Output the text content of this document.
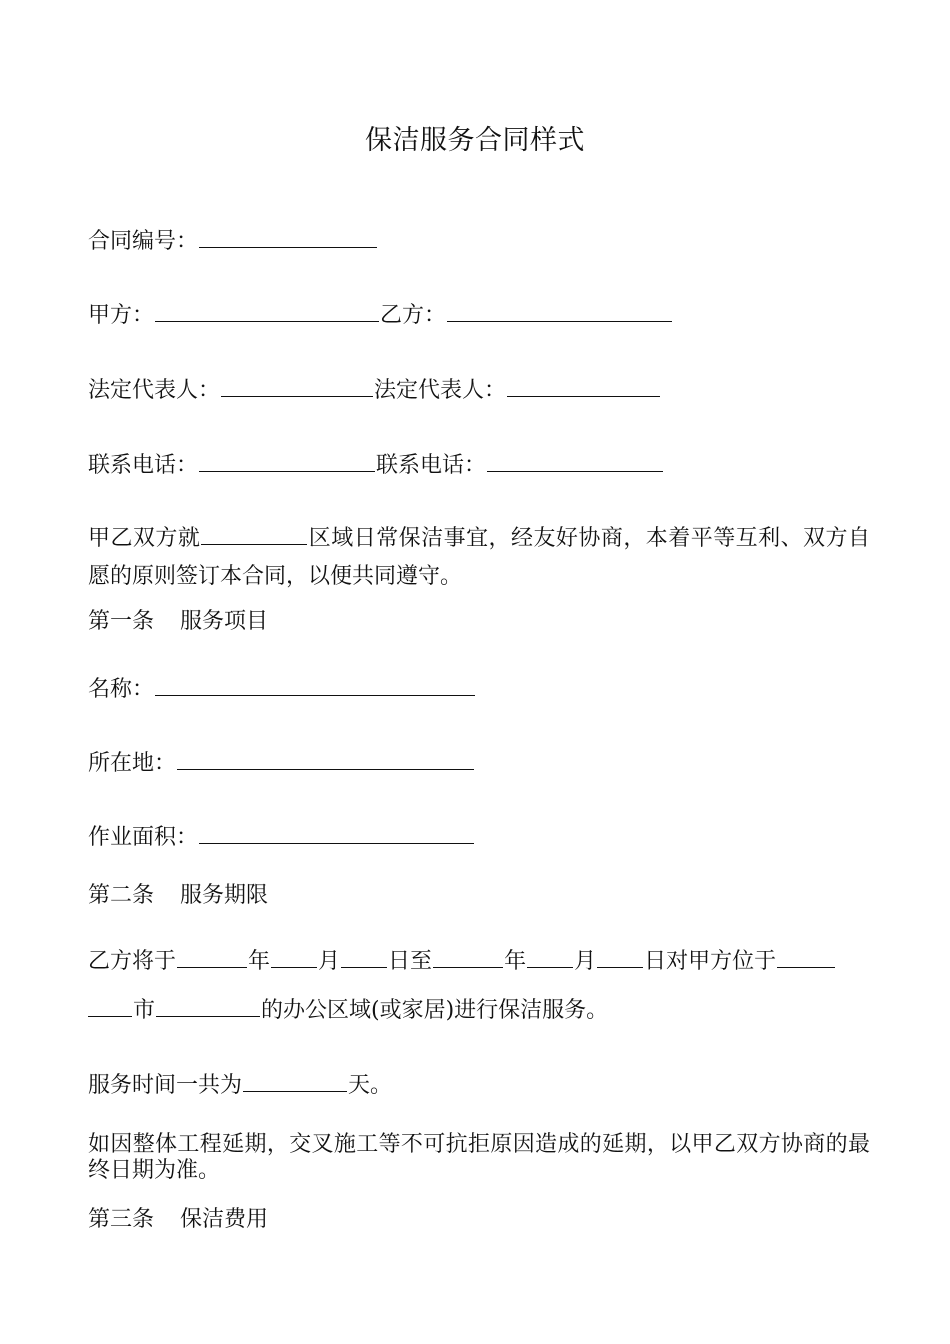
保洁服务合同样式
合同编号：
甲方：	乙方：
法定代表人：	法定代表人：
联系电话：	联系电话：
甲乙双方就	区域日常保洁事宜，经友好协商，本着平等互利、双方自愿的原则签订本合同，以便共同遵守。
第一条 服务项目
名称：
所在地：
作业面积：
第二条 服务期限
乙方将于	年 月 日至	年 月 日对甲方位于
市	的办公区域(或家居)进行保洁服务。
服务时间一共为	天。
如因整体工程延期，交叉施工等不可抗拒原因造成的延期，以甲乙双方协商的最终日期为准。
第三条 保洁费用
